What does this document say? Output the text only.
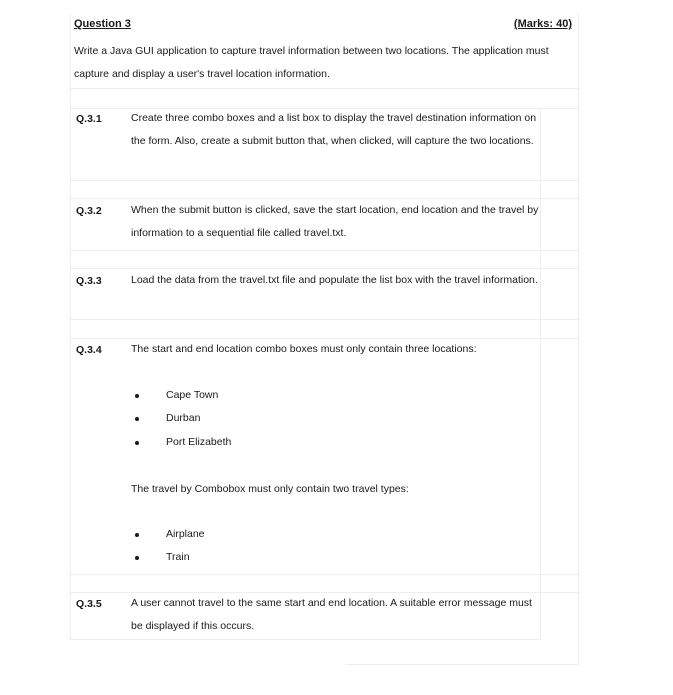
Question 3	(Marks: 40)
Write a Java GUI application to capture travel information between two locations. The application must capture and display a user's travel location information.
Q.3.1	Create three combo boxes and a list box to display the travel destination information on the form. Also, create a submit button that, when clicked, will capture the two locations.
Q.3.2	When the submit button is clicked, save the start location, end location and the travel by information to a sequential file called travel.txt.
Q.3.3	Load the data from the travel.txt file and populate the list box with the travel information.
Q.3.4	The start and end location combo boxes must only contain three locations:
Cape Town
Durban
Port Elizabeth
The travel by Combobox must only contain two travel types:
Airplane
Train
Q.3.5	A user cannot travel to the same start and end location. A suitable error message must be displayed if this occurs.
